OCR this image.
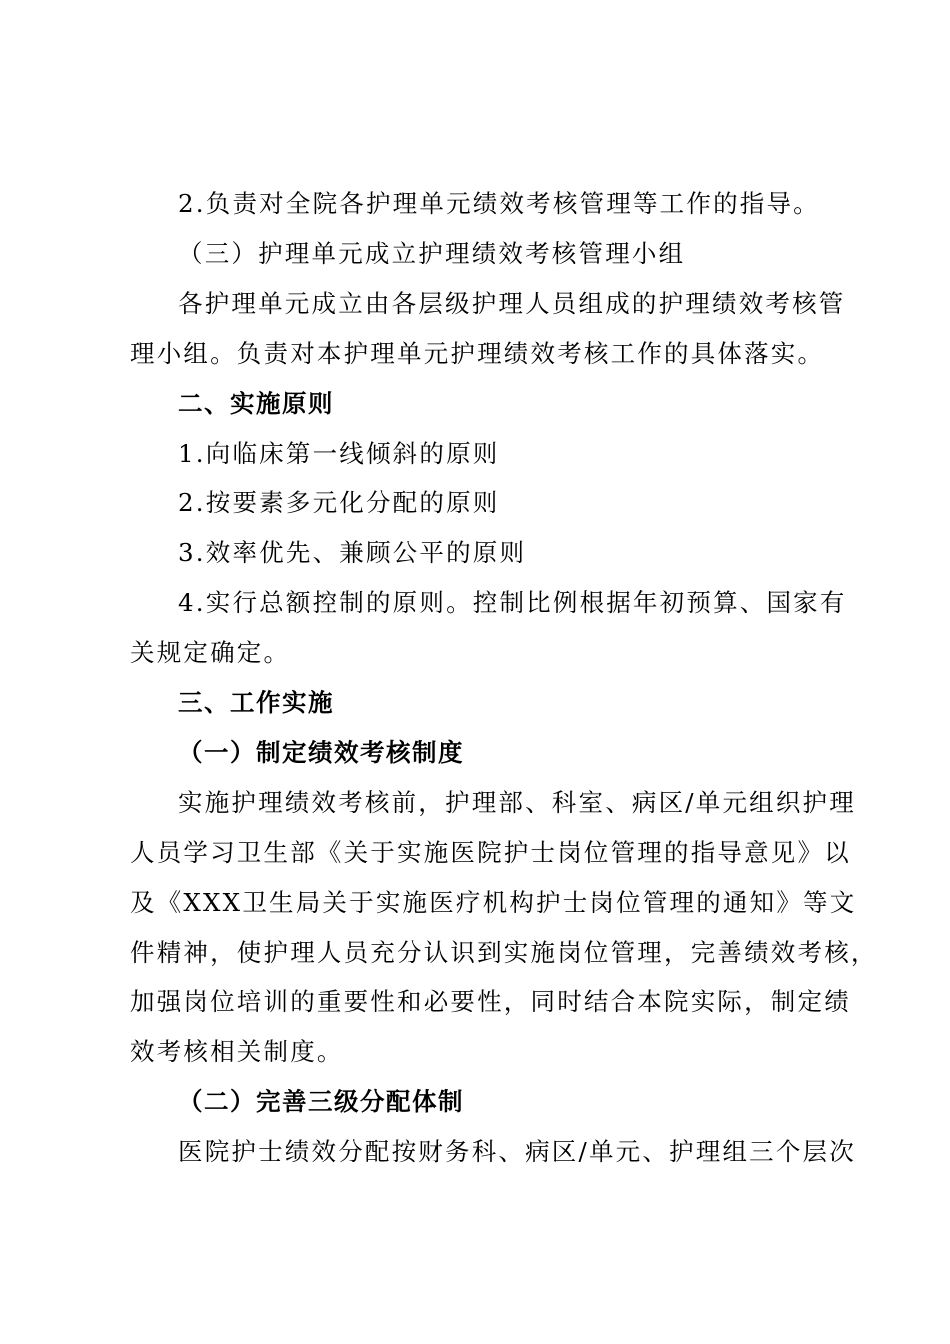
2.负责对全院各护理单元绩效考核管理等工作的指导。
（三）护理单元成立护理绩效考核管理小组
各护理单元成立由各层级护理人员组成的护理绩效考核管
理小组。负责对本护理单元护理绩效考核工作的具体落实。
二、实施原则
1.向临床第一线倾斜的原则
2.按要素多元化分配的原则
3.效率优先、兼顾公平的原则
4.实行总额控制的原则。控制比例根据年初预算、国家有
关规定确定。
三、工作实施
（一）制定绩效考核制度
实施护理绩效考核前，护理部、科室、病区/单元组织护理
人员学习卫生部《关于实施医院护士岗位管理的指导意见》以
及《XXX卫生局关于实施医疗机构护士岗位管理的通知》等文
件精神，使护理人员充分认识到实施岗位管理，完善绩效考核，
加强岗位培训的重要性和必要性，同时结合本院实际，制定绩
效考核相关制度。
（二）完善三级分配体制
医院护士绩效分配按财务科、病区/单元、护理组三个层次
